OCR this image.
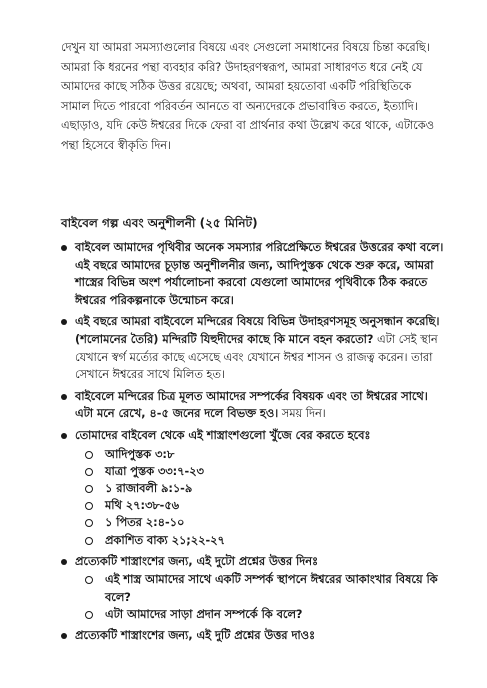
দেখুন যা আমরা সমস্যাগুলোর বিষয়ে এবং সেগুলো সমাধানের বিষয়ে চিন্তা করেছি। আমরা কি ধরনের পন্থা ব্যবহার করি? উদাহরণস্বরূপ, আমরা সাধারণত ধরে নেই যে আমাদের কাছে সঠিক উত্তর রয়েছে; অথবা, আমরা হয়তোবা একটি পরিস্থিতিকে সামাল দিতে পারবো পরিবর্তন আনতে বা অন্যদেরকে প্রভাবান্বিত করতে, ইত্যাদি। এছাড়াও, যদি কেউ ঈশ্বরের দিকে ফেরা বা প্রার্থনার কথা উল্লেখ করে থাকে, এটাকেও পন্থা হিসেবে স্বীকৃতি দিন।

বাইবেল গল্প এবং অনুশীলনী (২৫ মিনিট)
বাইবেল আমাদের পৃথিবীর অনেক সমস্যার পরিপ্রেক্ষিতে ঈশ্বরের উত্তরের কথা বলে। এই বছরে আমাদের চূড়ান্ত অনুশীলনীর জন্য, আদিপুস্তক থেকে শুরু করে, আমরা শাস্ত্রের বিভিন্ন অংশ পর্যালোচনা করবো যেগুলো আমাদের পৃথিবীকে ঠিক করতে ঈশ্বরের পরিকল্পনাকে উন্মোচন করে।
এই বছরে আমরা বাইবেলে মন্দিরের বিষয়ে বিভিন্ন উদাহরণসমূহ অনুসন্ধান করেছি। (শলোমনের তৈরি) মন্দিরটি যিহুদীদের কাছে কি মানে বহন করতো? এটা সেই স্থান যেখানে স্বর্গ মর্ত্যের কাছে এসেছে এবং যেখানে ঈশ্বর শাসন ও রাজত্ব করেন। তারা সেখানে ঈশ্বরের সাথে মিলিত হত।
বাইবেলে মন্দিরের চিত্র মূলত আমাদের সম্পর্কের বিষয়ক এবং তা ঈশ্বরের সাথে। এটা মনে রেখে, ৪-৫ জনের দলে বিভক্ত হও। সময় দিন।
তোমাদের বাইবেল থেকে এই শাস্ত্রাংশগুলো খুঁজে বের করতে হবেঃ
আদিপুস্তক ৩:৮
যাত্রা পুস্তক ৩৩:৭-২৩
১ রাজাবলী ৯:১-৯
মথি ২৭:৩৮-৫৬
১ পিতর ২:৪-১০
প্রকাশিত বাক্য ২১;২২-২৭
প্রত্যেকটি শাস্ত্রাংশের জন্য, এই দুটো প্রশ্নের উত্তর দিনঃ
এই শাস্ত্র আমাদের সাথে একটি সম্পর্ক স্থাপনে ঈশ্বরের আকাংখার বিষয়ে কি বলে?
এটা আমাদের সাড়া প্রদান সম্পর্কে কি বলে?
প্রত্যেকটি শাস্ত্রাংশের জন্য, এই দুটি প্রশ্নের উত্তর দাওঃ
